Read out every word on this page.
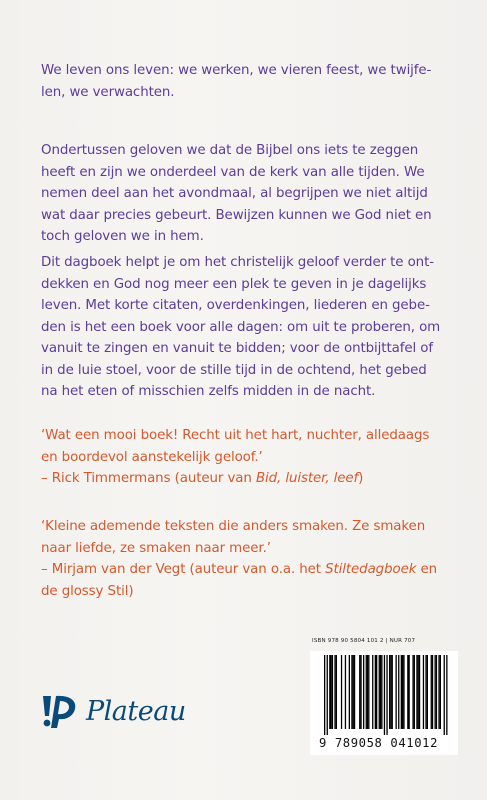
We leven ons leven: we werken, we vieren feest, we twijfe-
len, we verwachten.
Ondertussen geloven we dat de Bijbel ons iets te zeggen
heeft en zijn we onderdeel van de kerk van alle tijden. We
nemen deel aan het avondmaal, al begrijpen we niet altijd
wat daar precies gebeurt. Bewijzen kunnen we God niet en
toch geloven we in hem.
Dit dagboek helpt je om het christelijk geloof verder te ont-
dekken en God nog meer een plek te geven in je dagelijks
leven. Met korte citaten, overdenkingen, liederen en gebe-
den is het een boek voor alle dagen: om uit te proberen, om
vanuit te zingen en vanuit te bidden; voor de ontbijttafel of
in de luie stoel, voor de stille tijd in de ochtend, het gebed
na het eten of misschien zelfs midden in de nacht.
‘Wat een mooi boek! Recht uit het hart, nuchter, alledaags
en boordevol aanstekelijk geloof.’
– Rick Timmermans (auteur van Bid, luister, leef)
‘Kleine ademende teksten die anders smaken. Ze smaken
naar liefde, ze smaken naar meer.’
– Mirjam van der Vegt (auteur van o.a. het Stiltedagboek en
de glossy Stil)
ISBN 978 90 5804 101 2 | NUR 707
9 789058 041012
Plateau
